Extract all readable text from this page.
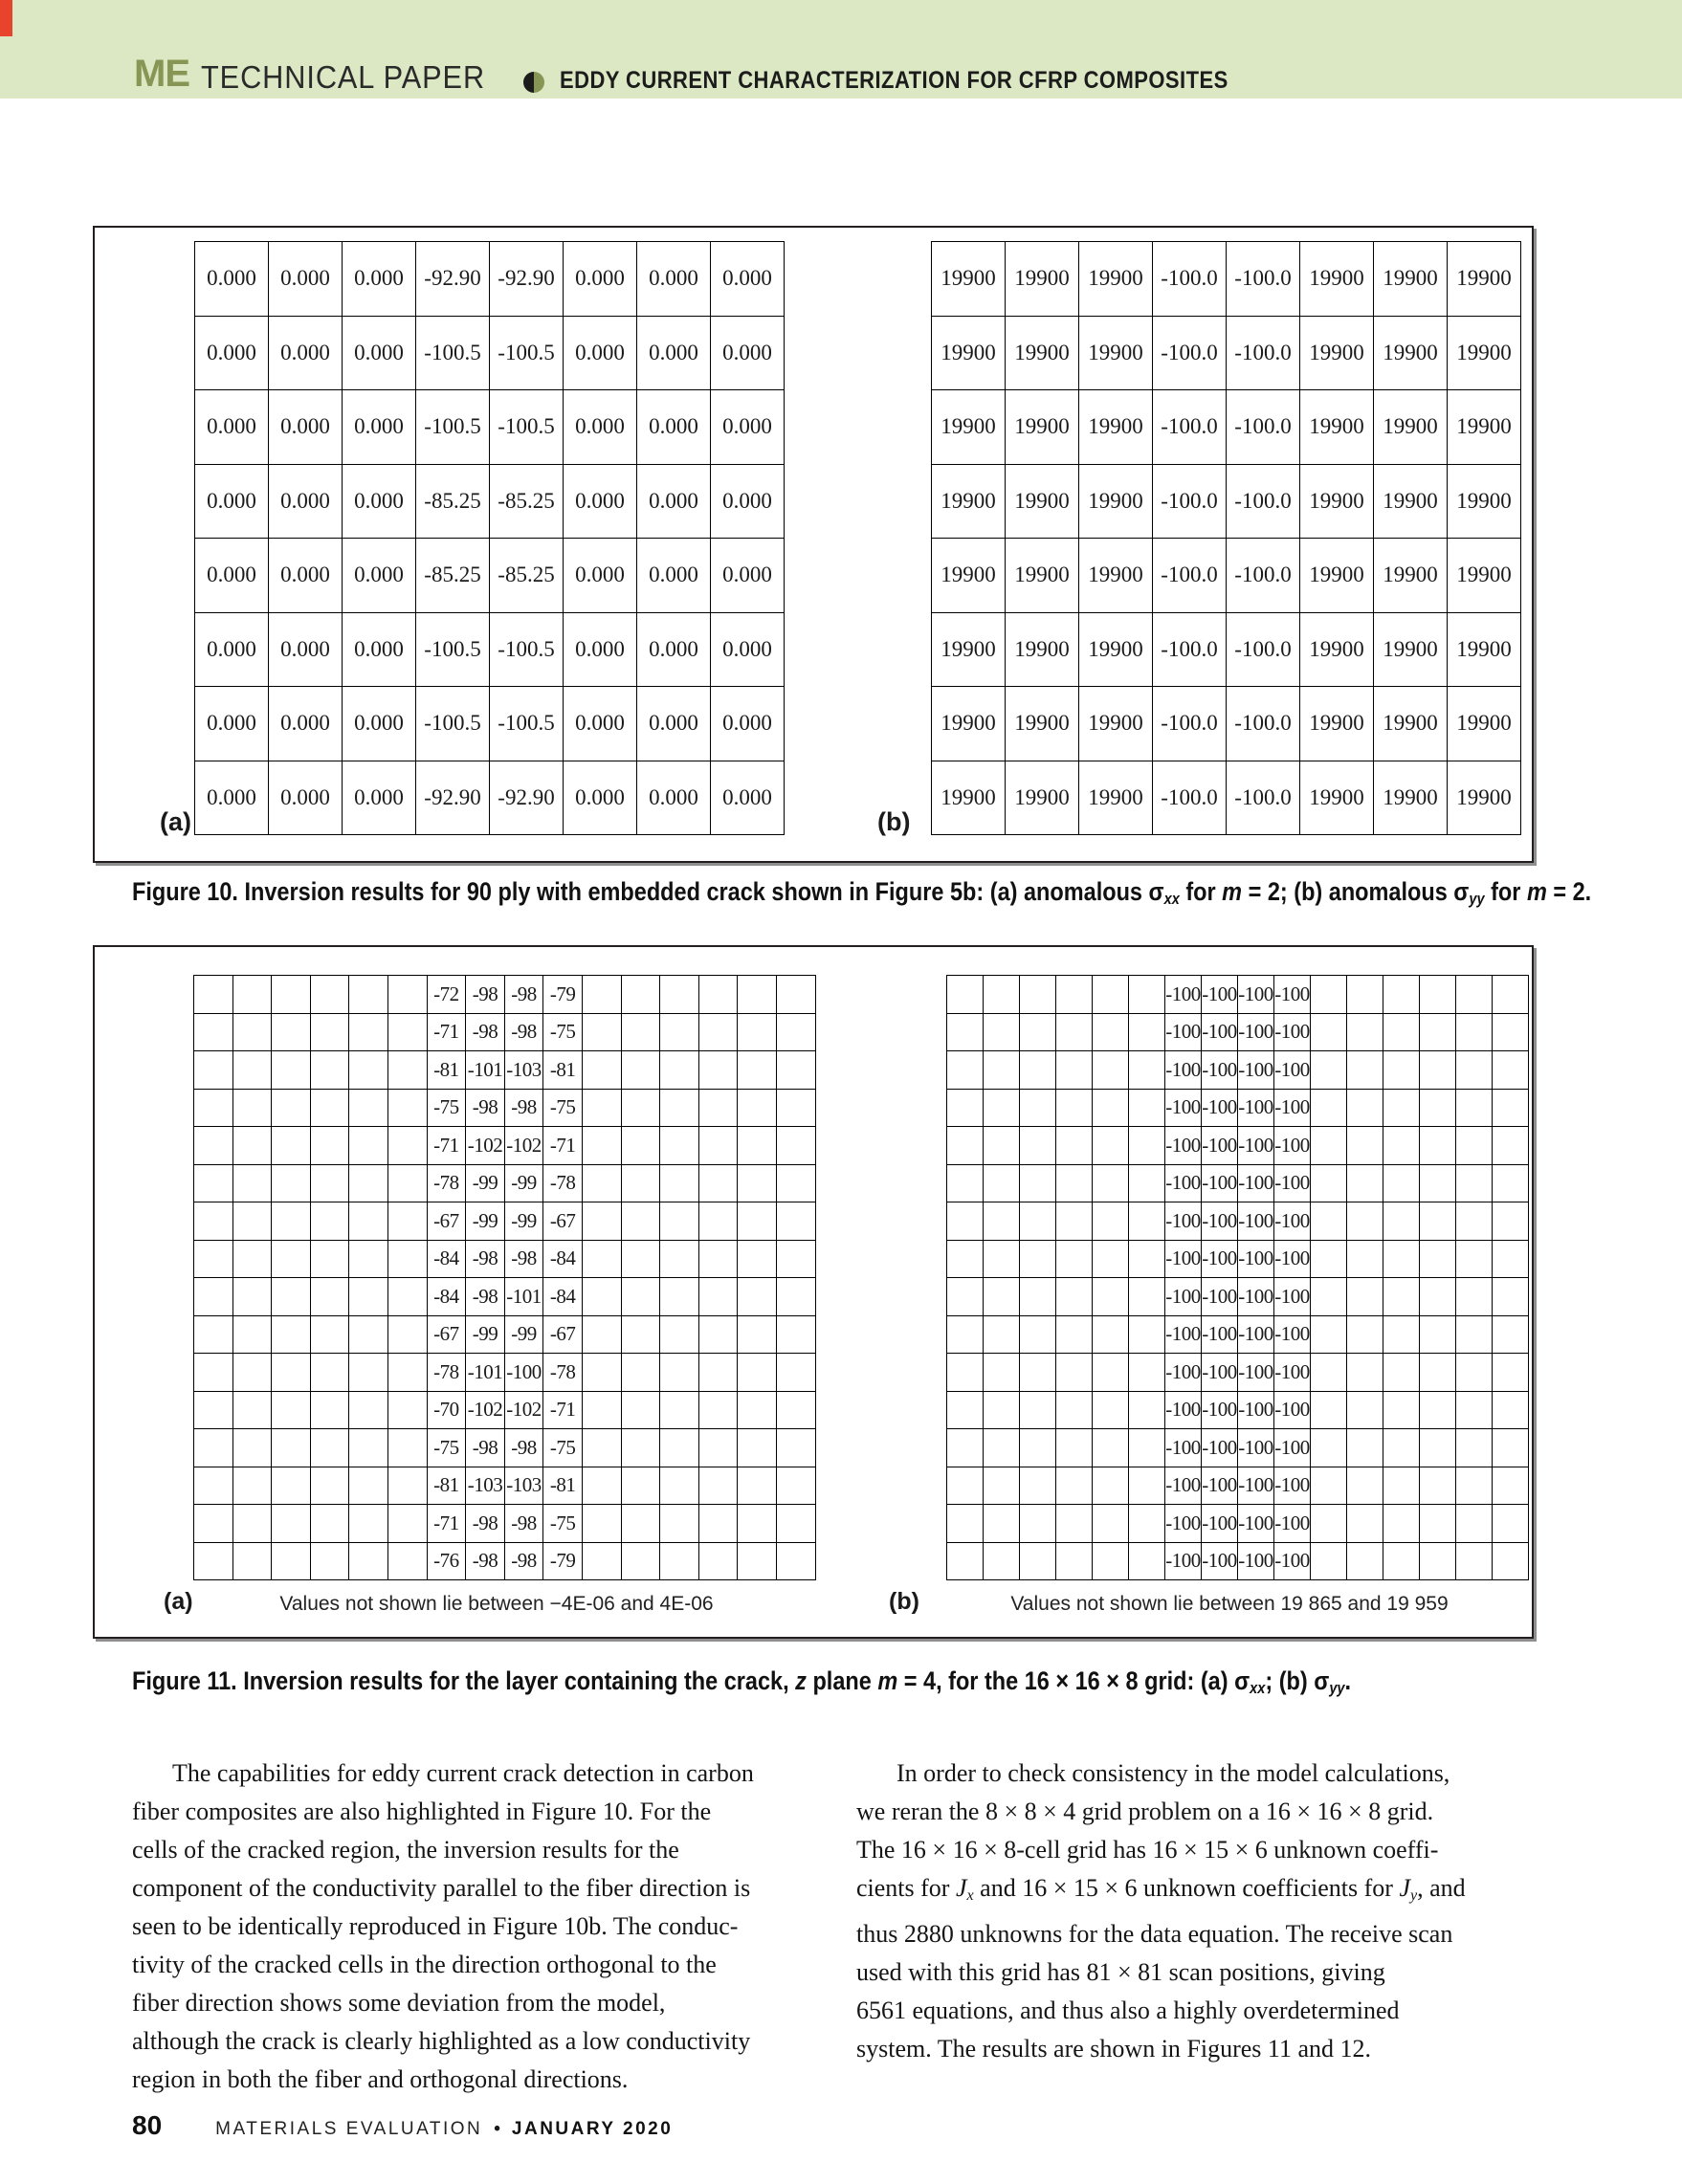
ME TECHNICAL PAPER	EDDY CURRENT CHARACTERIZATION FOR CFRP COMPOSITES
0.000	0.000	0.000	-92.90	-92.90	0.000	0.000	0.000
0.000	0.000	0.000	-100.5	-100.5	0.000	0.000	0.000
0.000	0.000	0.000	-100.5	-100.5	0.000	0.000	0.000
0.000	0.000	0.000	-85.25	-85.25	0.000	0.000	0.000
0.000	0.000	0.000	-85.25	-85.25	0.000	0.000	0.000
0.000	0.000	0.000	-100.5	-100.5	0.000	0.000	0.000
0.000	0.000	0.000	-100.5	-100.5	0.000	0.000	0.000
0.000	0.000	0.000	-92.90	-92.90	0.000	0.000	0.000
19900	19900	19900	-100.0	-100.0	19900	19900	19900
19900	19900	19900	-100.0	-100.0	19900	19900	19900
19900	19900	19900	-100.0	-100.0	19900	19900	19900
19900	19900	19900	-100.0	-100.0	19900	19900	19900
19900	19900	19900	-100.0	-100.0	19900	19900	19900
19900	19900	19900	-100.0	-100.0	19900	19900	19900
19900	19900	19900	-100.0	-100.0	19900	19900	19900
19900	19900	19900	-100.0	-100.0	19900	19900	19900
(a)	(b)
Figure 10. Inversion results for 90 ply with embedded crack shown in Figure 5b: (a) anomalous $\sigma_{xx}$ for m = 2; (b) anomalous $\sigma_{yy}$ for m = 2.
						-72	-98	-98	-79						
						-71	-98	-98	-75						
						-81	-101	-103	-81						
						-75	-98	-98	-75						
						-71	-102	-102	-71						
						-78	-99	-99	-78						
						-67	-99	-99	-67						
						-84	-98	-98	-84						
						-84	-98	-101	-84						
						-67	-99	-99	-67						
						-78	-101	-100	-78						
						-70	-102	-102	-71						
						-75	-98	-98	-75						
						-81	-103	-103	-81						
						-71	-98	-98	-75						
						-76	-98	-98	-79						
						-100	-100	-100	-100						
						-100	-100	-100	-100						
						-100	-100	-100	-100						
						-100	-100	-100	-100						
						-100	-100	-100	-100						
						-100	-100	-100	-100						
						-100	-100	-100	-100						
						-100	-100	-100	-100						
						-100	-100	-100	-100						
						-100	-100	-100	-100						
						-100	-100	-100	-100						
						-100	-100	-100	-100						
						-100	-100	-100	-100						
						-100	-100	-100	-100						
						-100	-100	-100	-100						
						-100	-100	-100	-100						
(a)	(b)
Values not shown lie between −4E-06 and 4E-06	Values not shown lie between 19 865 and 19 959
Figure 11. Inversion results for the layer containing the crack, z plane m = 4, for the 16 × 16 × 8 grid: (a) $\sigma_{xx}$; (b) $\sigma_{yy}$.
The capabilities for eddy current crack detection in carbon
fiber composites are also highlighted in Figure 10. For the
cells of the cracked region, the inversion results for the
component of the conductivity parallel to the fiber direction is
seen to be identically reproduced in Figure 10b. The conduc-
tivity of the cracked cells in the direction orthogonal to the
fiber direction shows some deviation from the model,
although the crack is clearly highlighted as a low conductivity
region in both the fiber and orthogonal directions.
In order to check consistency in the model calculations,
we reran the 8 × 8 × 4 grid problem on a 16 × 16 × 8 grid.
The 16 × 16 × 8-cell grid has 16 × 15 × 6 unknown coeffi-
cients for $J_x$ and 16 × 15 × 6 unknown coefficients for $J_y$, and
thus 2880 unknowns for the data equation. The receive scan
used with this grid has 81 × 81 scan positions, giving
6561 equations, and thus also a highly overdetermined
system. The results are shown in Figures 11 and 12.
80	MATERIALS EVALUATION • JANUARY 2020
